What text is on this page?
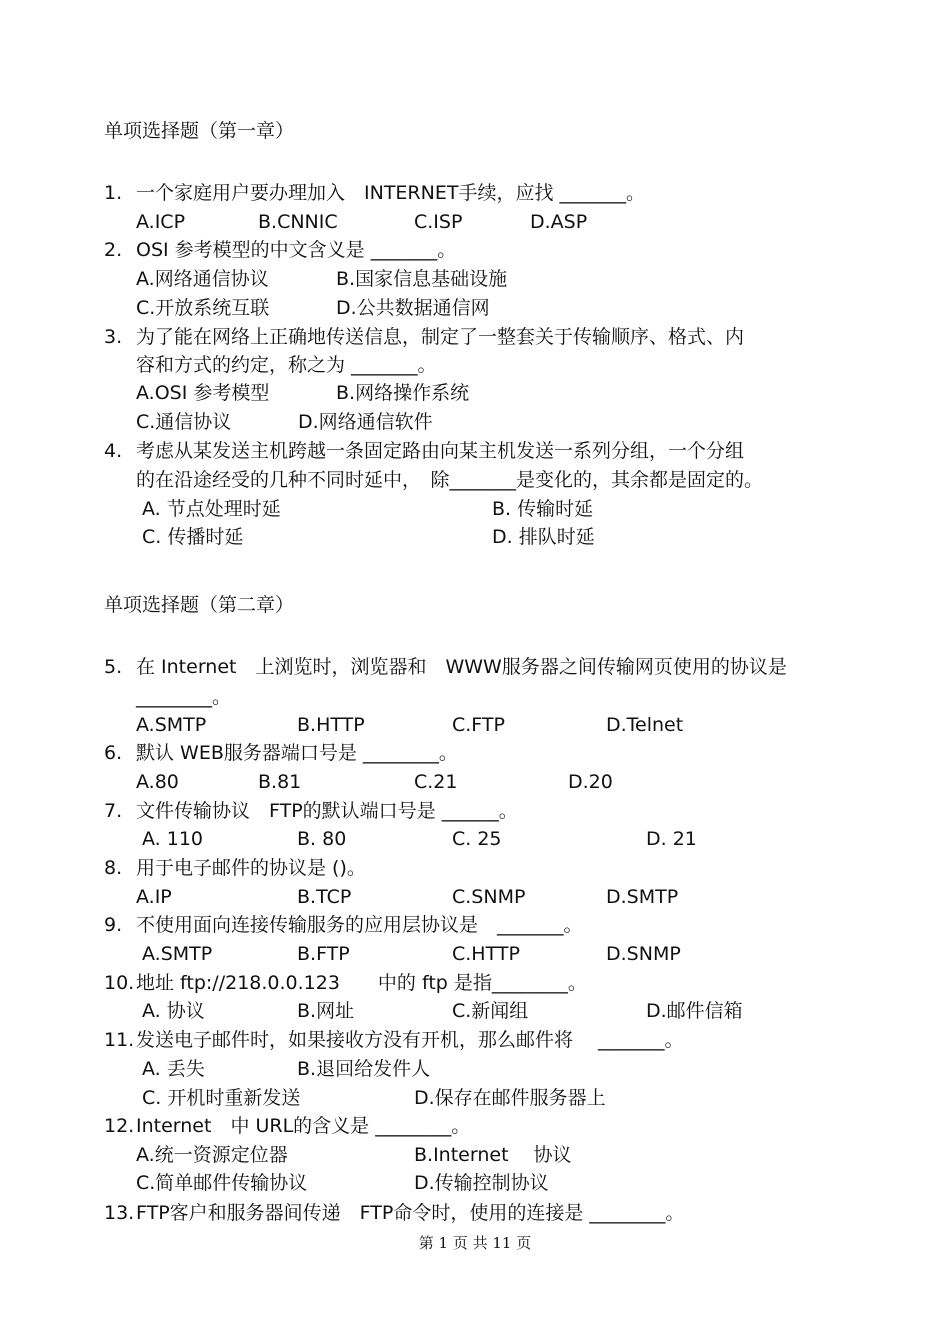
单项选择题（第一章）
1. 一个家庭用户要办理加入　INTERNET手续，应找 _______。
A.ICP	B.CNNIC	C.ISP	D.ASP
2. OSI 参考模型的中文含义是 _______。
A.网络通信协议	B.国家信息基础设施
C.开放系统互联	D.公共数据通信网
3. 为了能在网络上正确地传送信息，制定了一整套关于传输顺序、格式、内
容和方式的约定，称之为 _______。
A.OSI 参考模型	B.网络操作系统
C.通信协议	D.网络通信软件
4. 考虑从某发送主机跨越一条固定路由向某主机发送一系列分组，一个分组
的在沿途经受的几种不同时延中，　除_______是变化的，其余都是固定的。
A. 节点处理时延	B. 传输时延
C. 传播时延	D. 排队时延
单项选择题（第二章）
5. 在 Internet　上浏览时，浏览器和　WWW服务器之间传输网页使用的协议是
________。
A.SMTP	B.HTTP	C.FTP	D.Telnet
6. 默认 WEB服务器端口号是 ________。
A.80	B.81	C.21	D.20
7. 文件传输协议　FTP的默认端口号是 ______。
A. 110	B. 80	C. 25	D. 21
8. 用于电子邮件的协议是 ()。
A.IP	B.TCP	C.SNMP	D.SMTP
9. 不使用面向连接传输服务的应用层协议是　_______。
A.SMTP	B.FTP	C.HTTP	D.SNMP
10.地址 ftp://218.0.0.123　　中的 ftp 是指________。
A. 协议	B.网址	C.新闻组	D.邮件信箱
11.发送电子邮件时，如果接收方没有开机，那么邮件将　 _______。
A. 丢失	B.退回给发件人
C. 开机时重新发送	D.保存在邮件服务器上
12.Internet　中 URL的含义是 ________。
A.统一资源定位器	B.Internet　 协议
C.简单邮件传输协议	D.传输控制协议
13.FTP客户和服务器间传递　FTP命令时，使用的连接是 ________。
第 1 页 共 11 页
